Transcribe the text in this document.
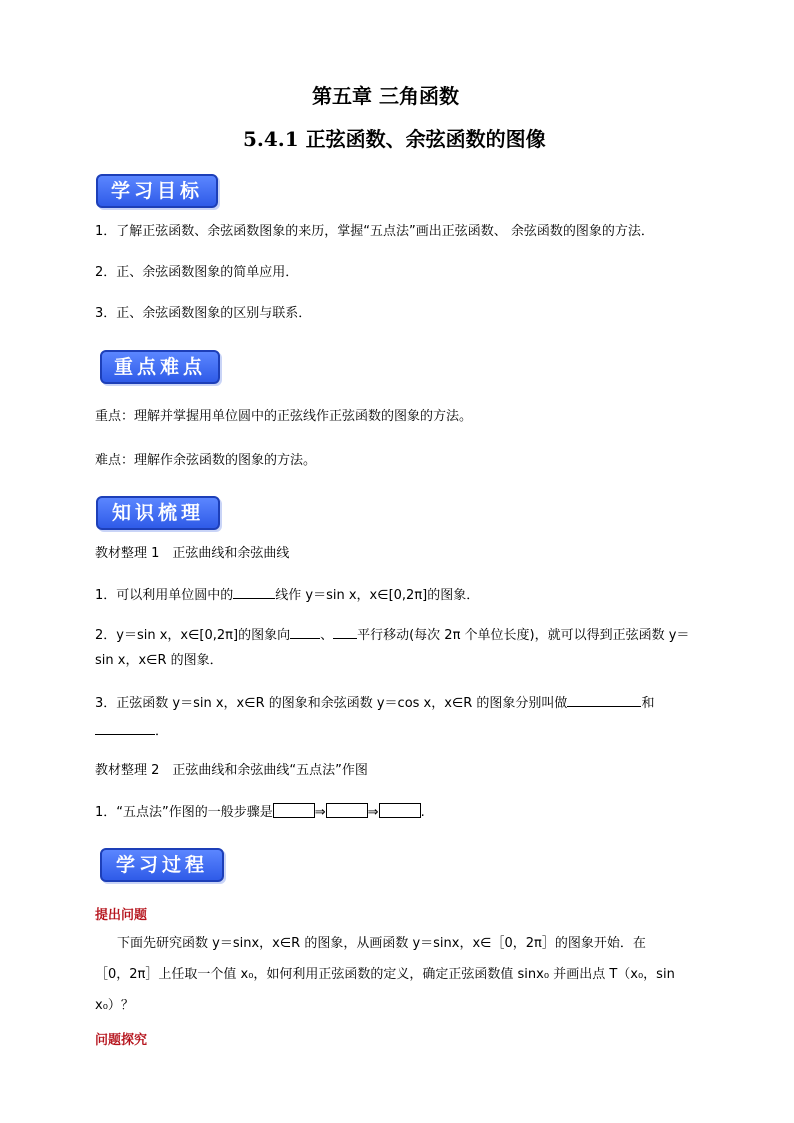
第五章 三角函数
5.4.1 正弦函数、余弦函数的图像
学习目标
1．了解正弦函数、余弦函数图象的来历，掌握“五点法”画出正弦函数、 余弦函数的图象的方法．
2．正、余弦函数图象的简单应用．
3．正、余弦函数图象的区别与联系．
重点难点
重点：理解并掌握用单位圆中的正弦线作正弦函数的图象的方法。
难点：理解作余弦函数的图象的方法。
知识梳理
教材整理 1　正弦曲线和余弦曲线
1．可以利用单位圆中的	线作 y＝sin x，x∈[0,2π]的图象．
2．y＝sin x，x∈[0,2π]的图象向 、 平行移动(每次 2π 个单位长度)，就可以得到正弦函数 y＝
sin x，x∈R 的图象．
3．正弦函数 y＝sin x，x∈R 的图象和余弦函数 y＝cos x，x∈R 的图象分别叫做	和
．
教材整理 2　正弦曲线和余弦曲线“五点法”作图
1．“五点法”作图的一般步骤是	⇒	⇒	.
学习过程
提出问题
下面先研究函数 y＝sinx，x∈R 的图象，从画函数 y＝sinx，x∈［0，2π］的图象开始．在
［0，2π］上任取一个值 x₀，如何利用正弦函数的定义，确定正弦函数值 sinx₀ 并画出点 T（x₀，sin
x₀）？
问题探究
